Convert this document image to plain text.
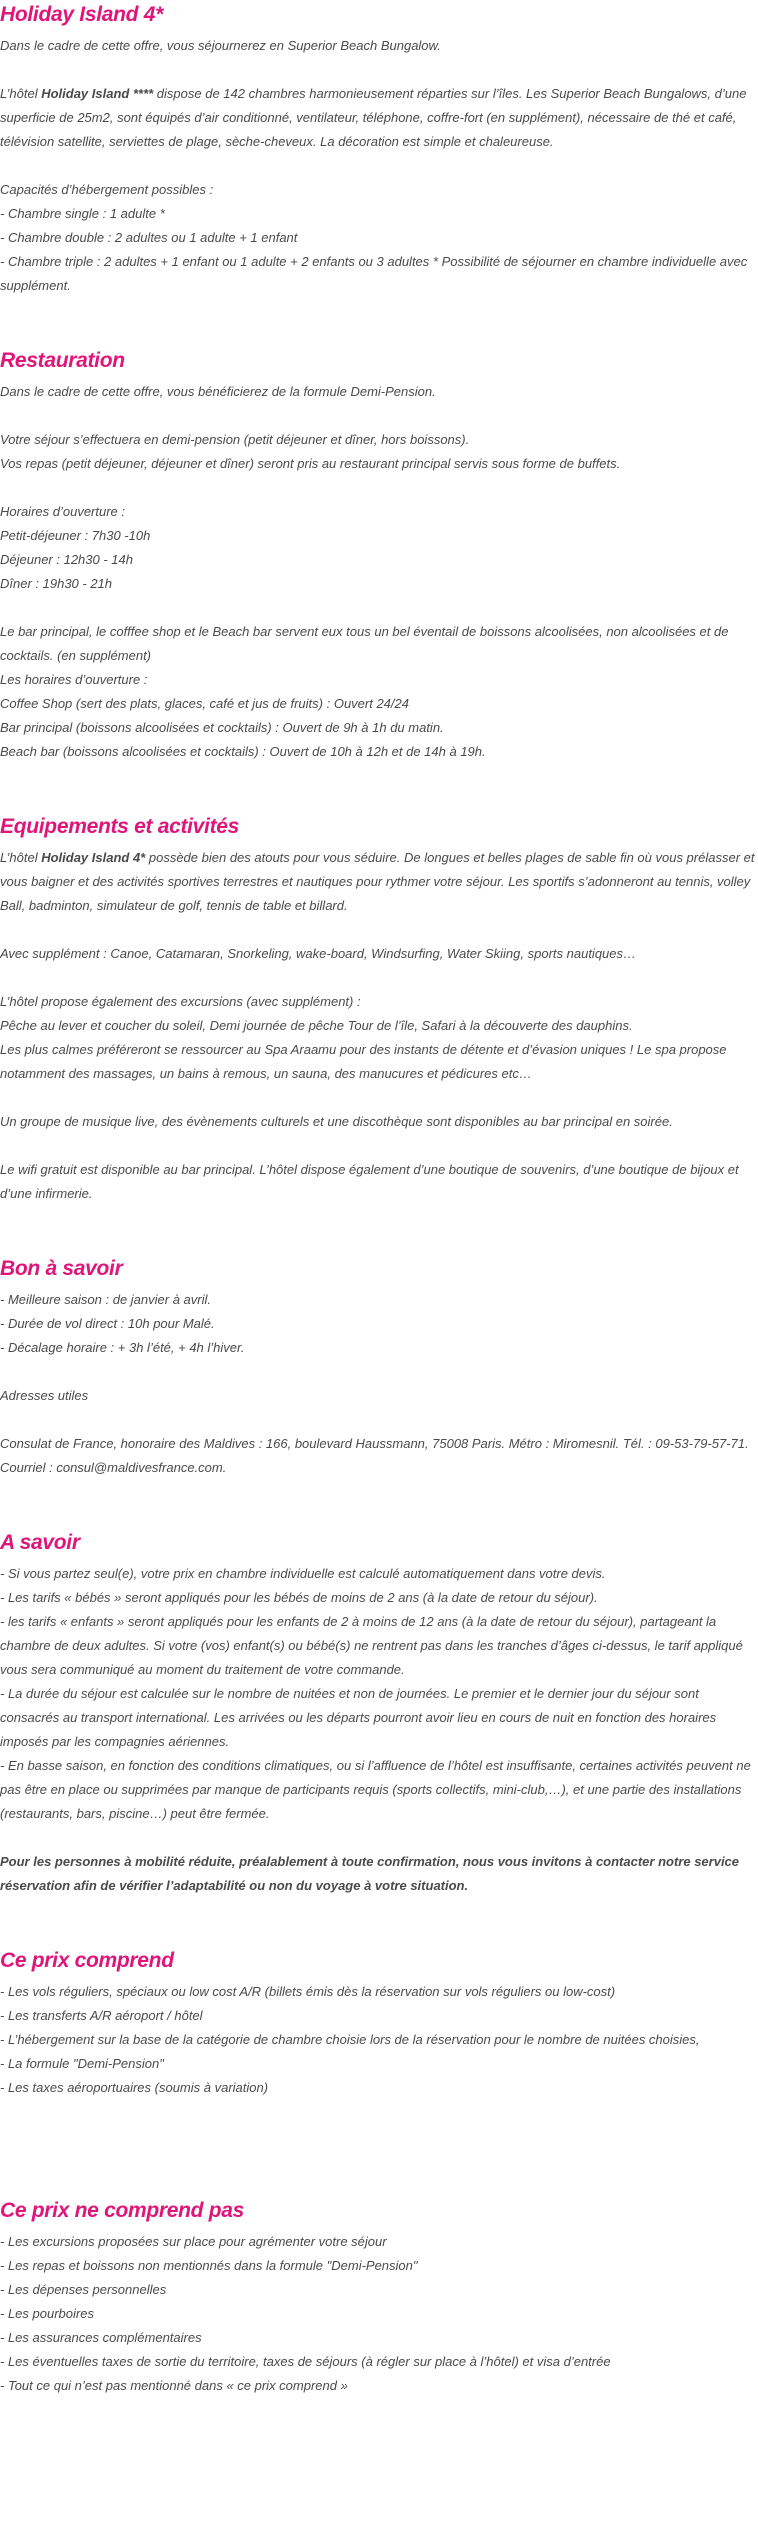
Holiday Island 4*

Dans le cadre de cette offre, vous séjournerez en Superior Beach Bungalow.

L’hôtel Holiday Island **** dispose de 142 chambres harmonieusement réparties sur l’îles. Les Superior Beach Bungalows, d’une superficie de 25m2, sont équipés d’air conditionné, ventilateur, téléphone, coffre-fort (en supplément), nécessaire de thé et café, télévision satellite, serviettes de plage, sèche-cheveux. La décoration est simple et chaleureuse.

Capacités d’hébergement possibles :

- Chambre single : 1 adulte *

- Chambre double : 2 adultes ou 1 adulte + 1 enfant

- Chambre triple : 2 adultes + 1 enfant ou 1 adulte + 2 enfants ou 3 adultes * Possibilité de séjourner en chambre individuelle avec supplément.

Restauration

Dans le cadre de cette offre, vous bénéficierez de la formule Demi-Pension.

Votre séjour s’effectuera en demi-pension (petit déjeuner et dîner, hors boissons).

Vos repas (petit déjeuner, déjeuner et dîner) seront pris au restaurant principal servis sous forme de buffets.

Horaires d’ouverture :

Petit-déjeuner : 7h30 -10h

Déjeuner : 12h30 - 14h

Dîner : 19h30 - 21h

Le bar principal, le cofffee shop et le Beach bar servent eux tous un bel éventail de boissons alcoolisées, non alcoolisées et de cocktails. (en supplément)

Les horaires d’ouverture :

Coffee Shop (sert des plats, glaces, café et jus de fruits) : Ouvert 24/24

Bar principal (boissons alcoolisées et cocktails) : Ouvert de 9h à 1h du matin.

Beach bar (boissons alcoolisées et cocktails) : Ouvert de 10h à 12h et de 14h à 19h.

Equipements et activités

L’hôtel Holiday Island 4* possède bien des atouts pour vous séduire. De longues et belles plages de sable fin où vous prélasser et vous baigner et des activités sportives terrestres et nautiques pour rythmer votre séjour. Les sportifs s’adonneront au tennis, volley Ball, badminton, simulateur de golf, tennis de table et billard.

Avec supplément : Canoe, Catamaran, Snorkeling, wake-board, Windsurfing, Water Skiing, sports nautiques…

L’hôtel propose également des excursions (avec supplément) :

Pêche au lever et coucher du soleil, Demi journée de pêche Tour de l’île, Safari à la découverte des dauphins.

Les plus calmes préféreront se ressourcer au Spa Araamu pour des instants de détente et d’évasion uniques ! Le spa propose notamment des massages, un bains à remous, un sauna, des manucures et pédicures etc…

Un groupe de musique live, des évènements culturels et une discothèque sont disponibles au bar principal en soirée.

Le wifi gratuit est disponible au bar principal. L’hôtel dispose également d’une boutique de souvenirs, d’une boutique de bijoux et d’une infirmerie.

Bon à savoir

- Meilleure saison : de janvier à avril.

- Durée de vol direct : 10h pour Malé.

- Décalage horaire : + 3h l’été, + 4h l’hiver.

Adresses utiles

Consulat de France, honoraire des Maldives : 166, boulevard Haussmann, 75008 Paris. Métro : Miromesnil. Tél. : 09-53-79-57-71. Courriel : consul@maldivesfrance.com.

A savoir

- Si vous partez seul(e), votre prix en chambre individuelle est calculé automatiquement dans votre devis.

- Les tarifs « bébés » seront appliqués pour les bébés de moins de 2 ans (à la date de retour du séjour).

- les tarifs « enfants » seront appliqués pour les enfants de 2 à moins de 12 ans (à la date de retour du séjour), partageant la chambre de deux adultes. Si votre (vos) enfant(s) ou bébé(s) ne rentrent pas dans les tranches d’âges ci-dessus, le tarif appliqué vous sera communiqué au moment du traitement de votre commande.

- La durée du séjour est calculée sur le nombre de nuitées et non de journées. Le premier et le dernier jour du séjour sont consacrés au transport international. Les arrivées ou les départs pourront avoir lieu en cours de nuit en fonction des horaires imposés par les compagnies aériennes.

- En basse saison, en fonction des conditions climatiques, ou si l’affluence de l’hôtel est insuffisante, certaines activités peuvent ne pas être en place ou supprimées par manque de participants requis (sports collectifs, mini-club,…), et une partie des installations (restaurants, bars, piscine…) peut être fermée.

Pour les personnes à mobilité réduite, préalablement à toute confirmation, nous vous invitons à contacter notre service réservation afin de vérifier l’adaptabilité ou non du voyage à votre situation.

Ce prix comprend

- Les vols réguliers, spéciaux ou low cost A/R (billets émis dès la réservation sur vols réguliers ou low-cost)

- Les transferts A/R aéroport / hôtel

- L’hébergement sur la base de la catégorie de chambre choisie lors de la réservation pour le nombre de nuitées choisies,

- La formule "Demi-Pension"

- Les taxes aéroportuaires (soumis à variation)

Ce prix ne comprend pas

- Les excursions proposées sur place pour agrémenter votre séjour

- Les repas et boissons non mentionnés dans la formule "Demi-Pension"

- Les dépenses personnelles

- Les pourboires

- Les assurances complémentaires

- Les éventuelles taxes de sortie du territoire, taxes de séjours (à régler sur place à l’hôtel) et visa d’entrée

- Tout ce qui n’est pas mentionné dans « ce prix comprend »
